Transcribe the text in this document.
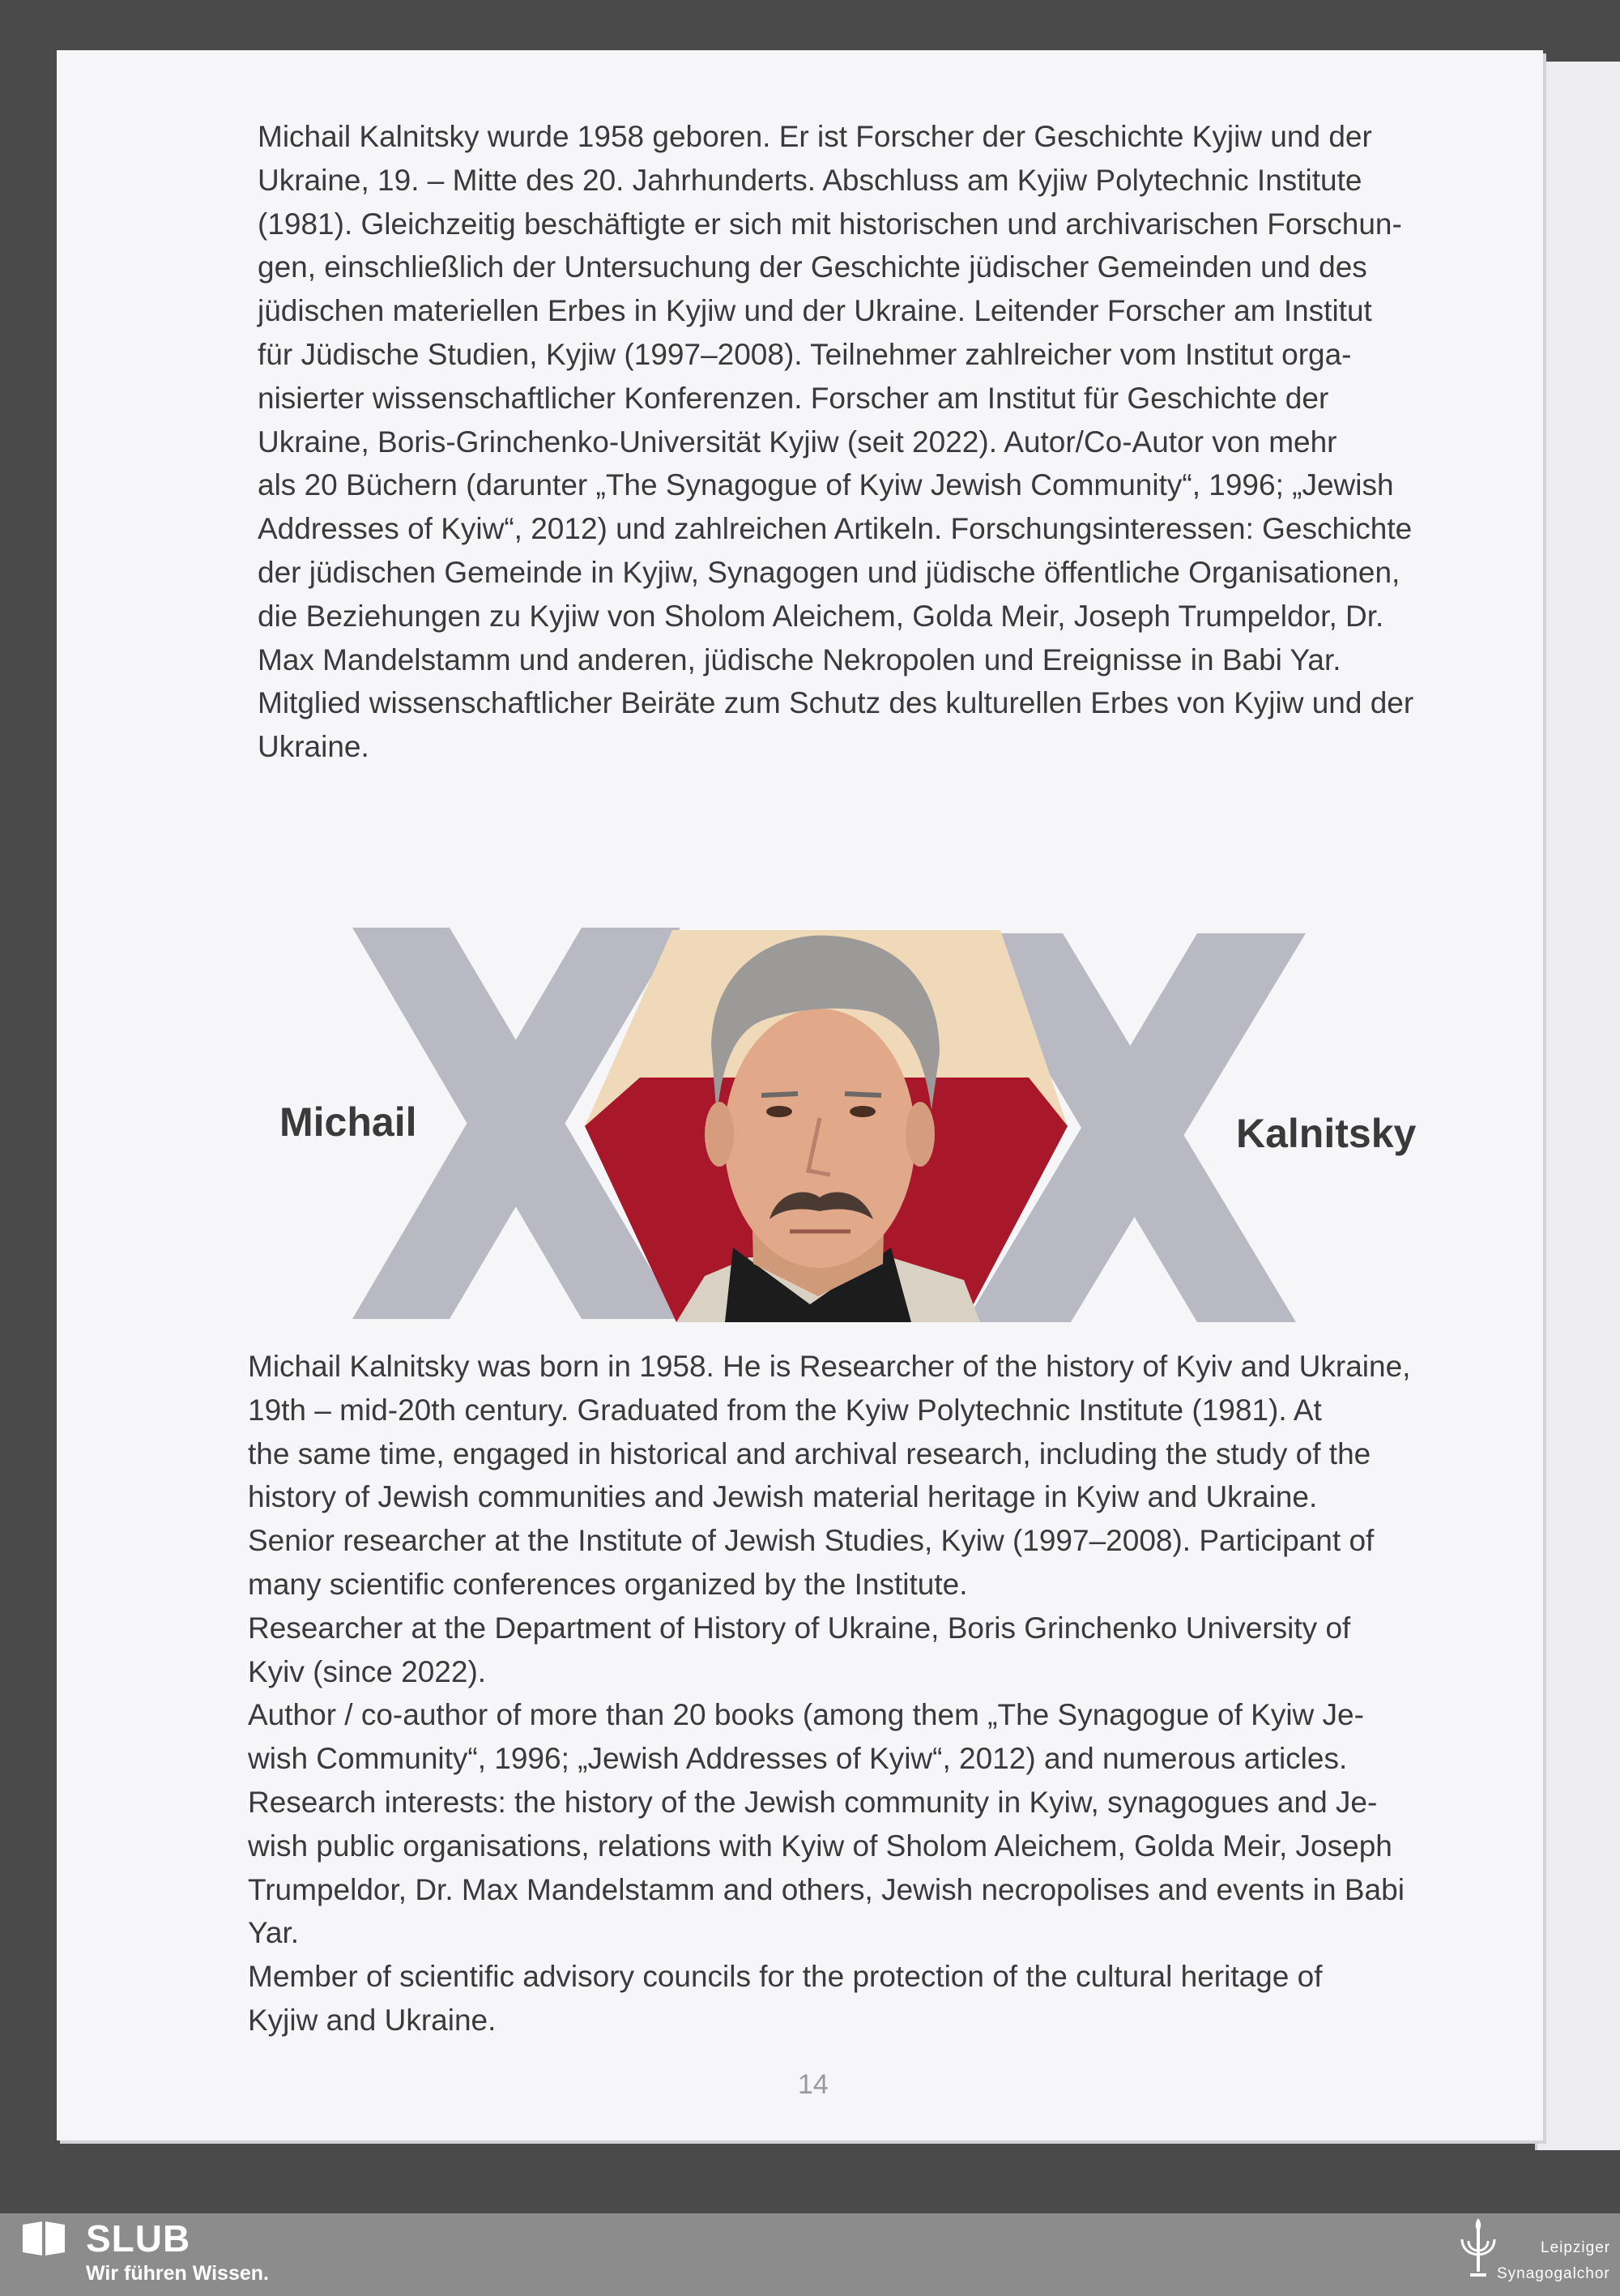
Michail Kalnitsky wurde 1958 geboren. Er ist Forscher der Geschichte Kyjiw und der
Ukraine, 19. – Mitte des 20. Jahrhunderts. Abschluss am Kyjiw Polytechnic Institute
(1981). Gleichzeitig beschäftigte er sich mit historischen und archivarischen Forschun-
gen, einschließlich der Untersuchung der Geschichte jüdischer Gemeinden und des
jüdischen materiellen Erbes in Kyjiw und der Ukraine. Leitender Forscher am Institut
für Jüdische Studien, Kyjiw (1997–2008). Teilnehmer zahlreicher vom Institut orga-
nisierter wissenschaftlicher Konferenzen. Forscher am Institut für Geschichte der
Ukraine, Boris-Grinchenko-Universität Kyjiw (seit 2022). Autor/Co-Autor von mehr
als 20 Büchern (darunter „The Synagogue of Kyiw Jewish Community“, 1996; „Jewish
Addresses of Kyiw“, 2012) und zahlreichen Artikeln. Forschungsinteressen: Geschichte
der jüdischen Gemeinde in Kyjiw, Synagogen und jüdische öffentliche Organisationen,
die Beziehungen zu Kyjiw von Sholom Aleichem, Golda Meir, Joseph Trumpeldor, Dr.
Max Mandelstamm und anderen, jüdische Nekropolen und Ereignisse in Babi Yar.
Mitglied wissenschaftlicher Beiräte zum Schutz des kulturellen Erbes von Kyjiw und der
Ukraine.
Michail	Kalnitsky
Michail Kalnitsky was born in 1958. He is Researcher of the history of Kyiv and Ukraine,
19th – mid-20th century. Graduated from the Kyiw Polytechnic Institute (1981). At
the same time, engaged in historical and archival research, including the study of the
history of Jewish communities and Jewish material heritage in Kyiw and Ukraine.
Senior researcher at the Institute of Jewish Studies, Kyiw (1997–2008). Participant of
many scientific conferences organized by the Institute.
Researcher at the Department of History of Ukraine, Boris Grinchenko University of
Kyiv (since 2022).
Author / co-author of more than 20 books (among them „The Synagogue of Kyiw Je-
wish Community“, 1996; „Jewish Addresses of Kyiw“, 2012) and numerous articles.
Research interests: the history of the Jewish community in Kyiw, synagogues and Je-
wish public organisations, relations with Kyiw of Sholom Aleichem, Golda Meir, Joseph
Trumpeldor, Dr. Max Mandelstamm and others, Jewish necropolises and events in Babi
Yar.
Member of scientific advisory councils for the protection of the cultural heritage of
Kyjiw and Ukraine.
14
SLUB
Wir führen Wissen.
Leipziger
Synagogalchor
